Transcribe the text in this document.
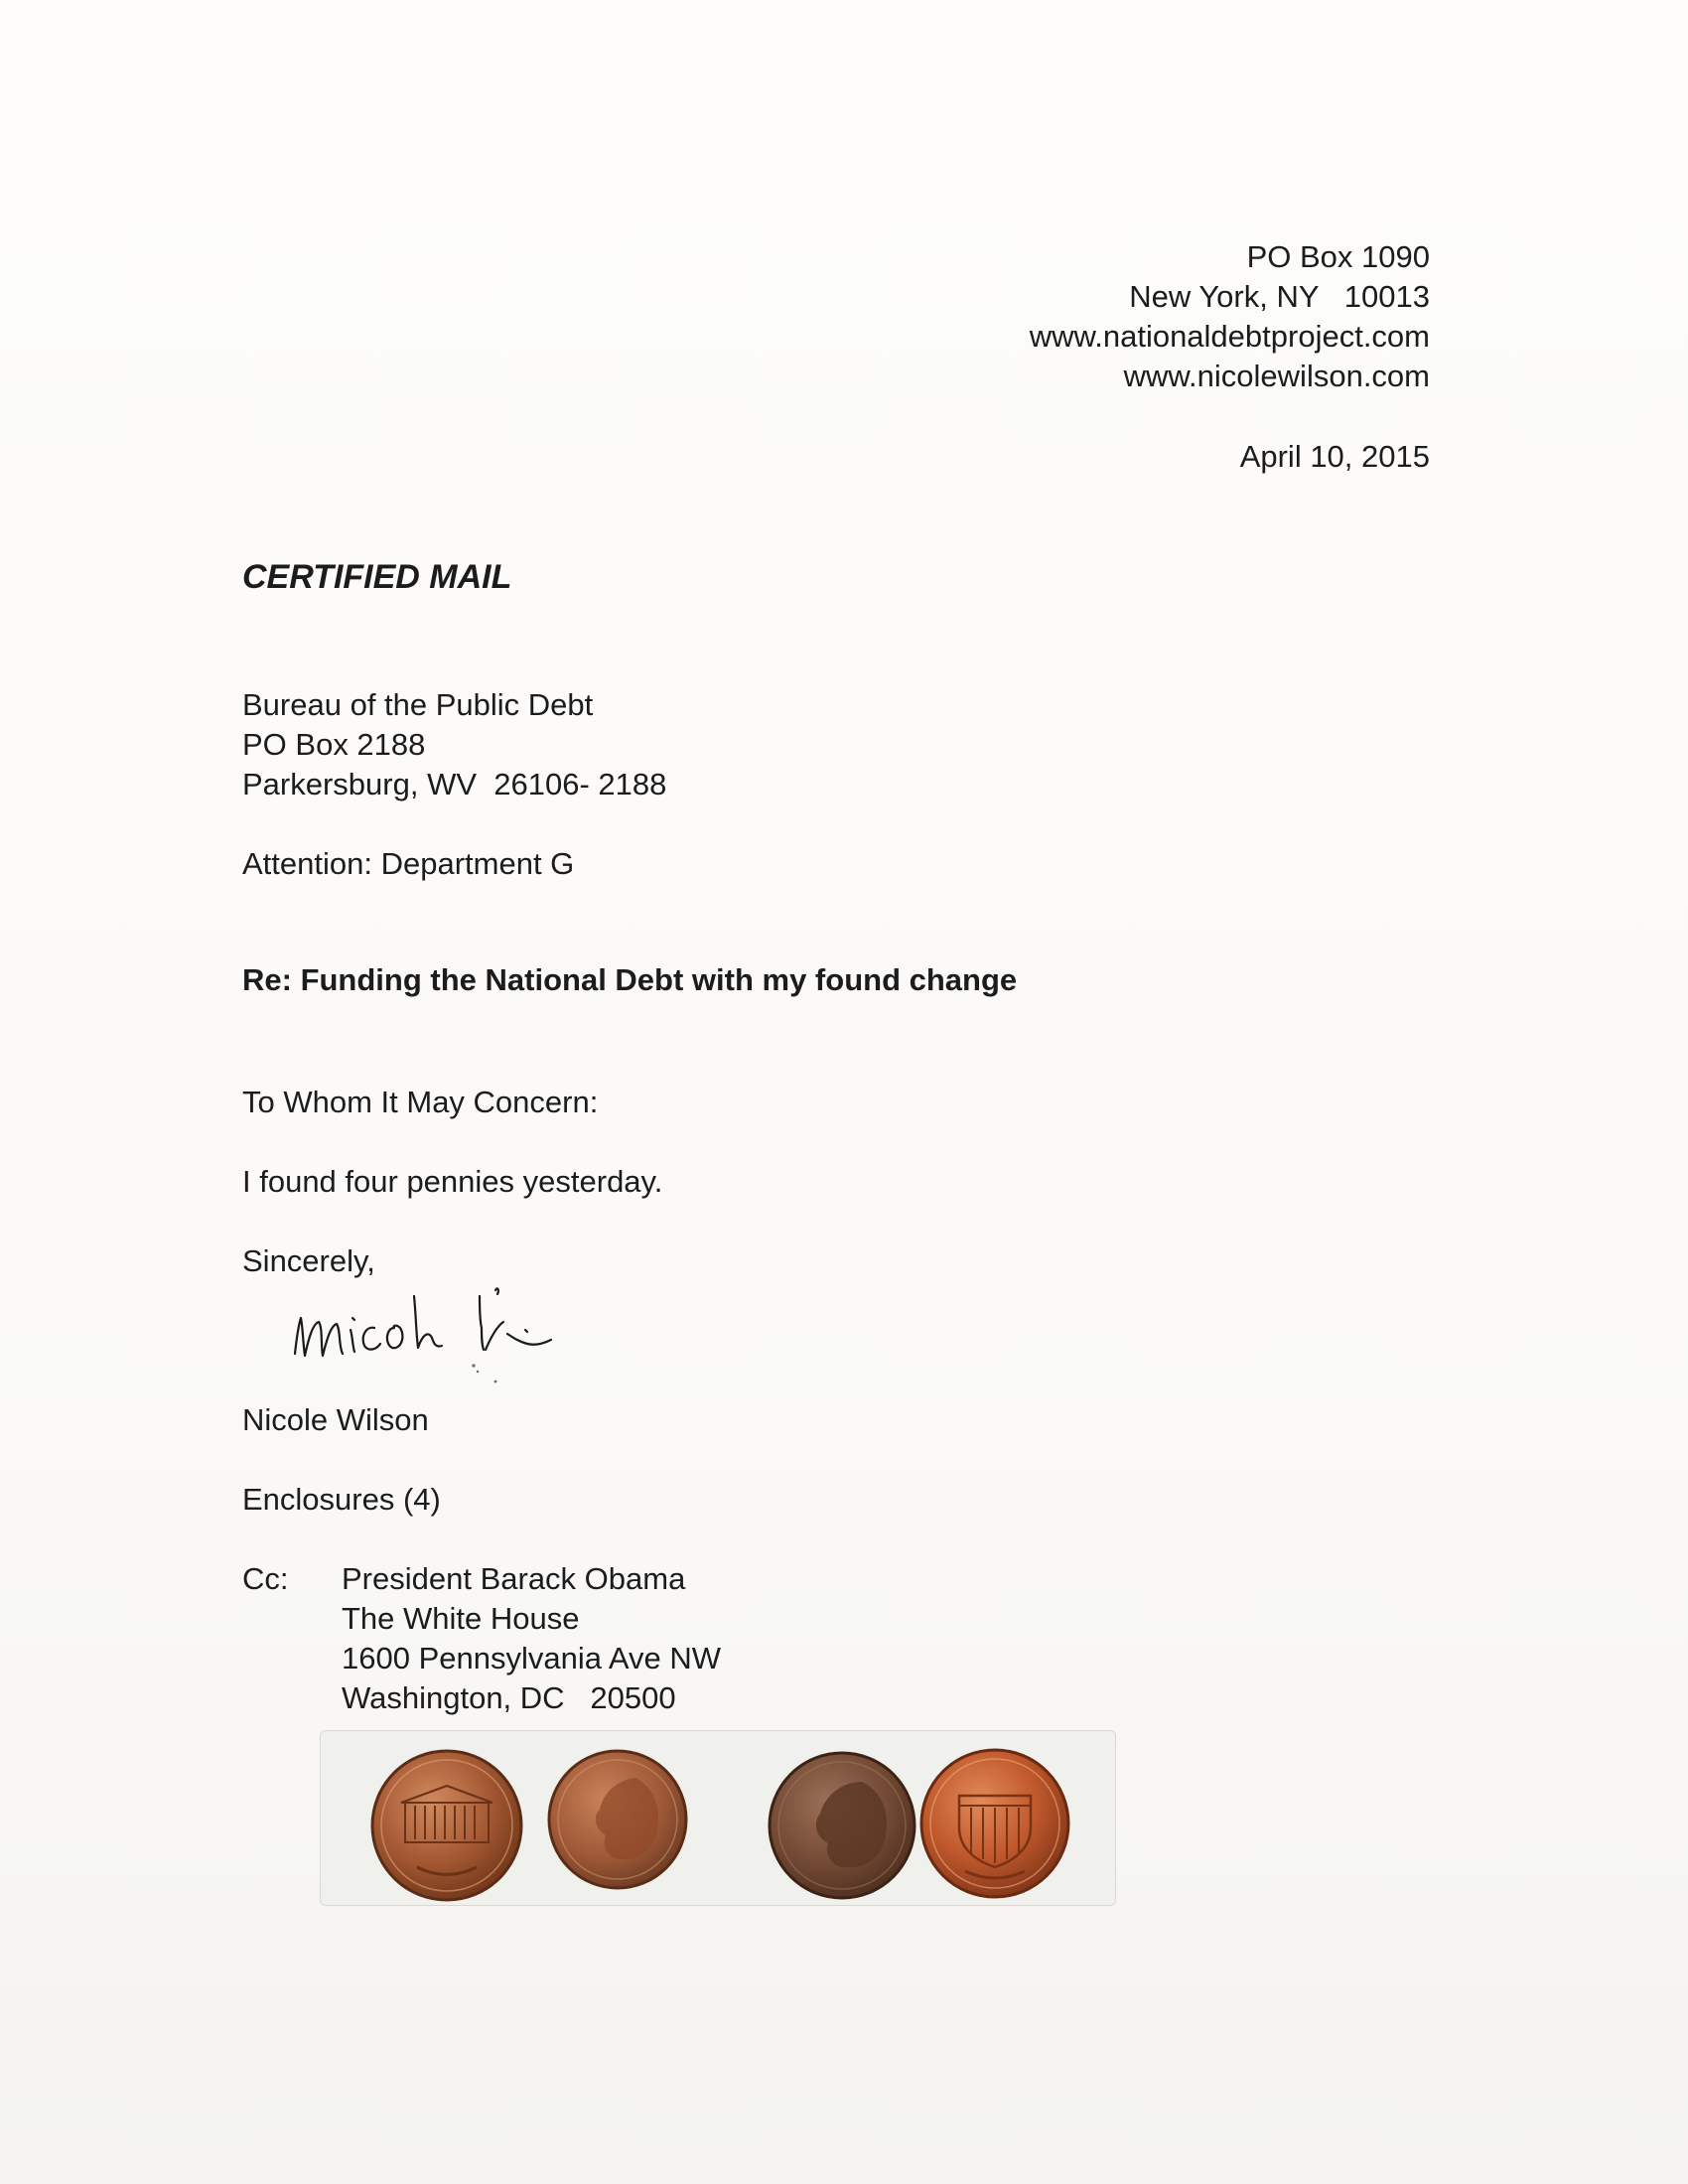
PO Box 1090
New York, NY   10013
www.nationaldebtproject.com
www.nicolewilson.com
April 10, 2015
CERTIFIED MAIL
Bureau of the Public Debt
PO Box 2188
Parkersburg, WV  26106- 2188
Attention: Department G
Re: Funding the National Debt with my found change
To Whom It May Concern:
I found four pennies yesterday.
Sincerely,
Nicole Wilson
Enclosures (4)
Cc: President Barack Obama
The White House
1600 Pennsylvania Ave NW
Washington, DC   20500
